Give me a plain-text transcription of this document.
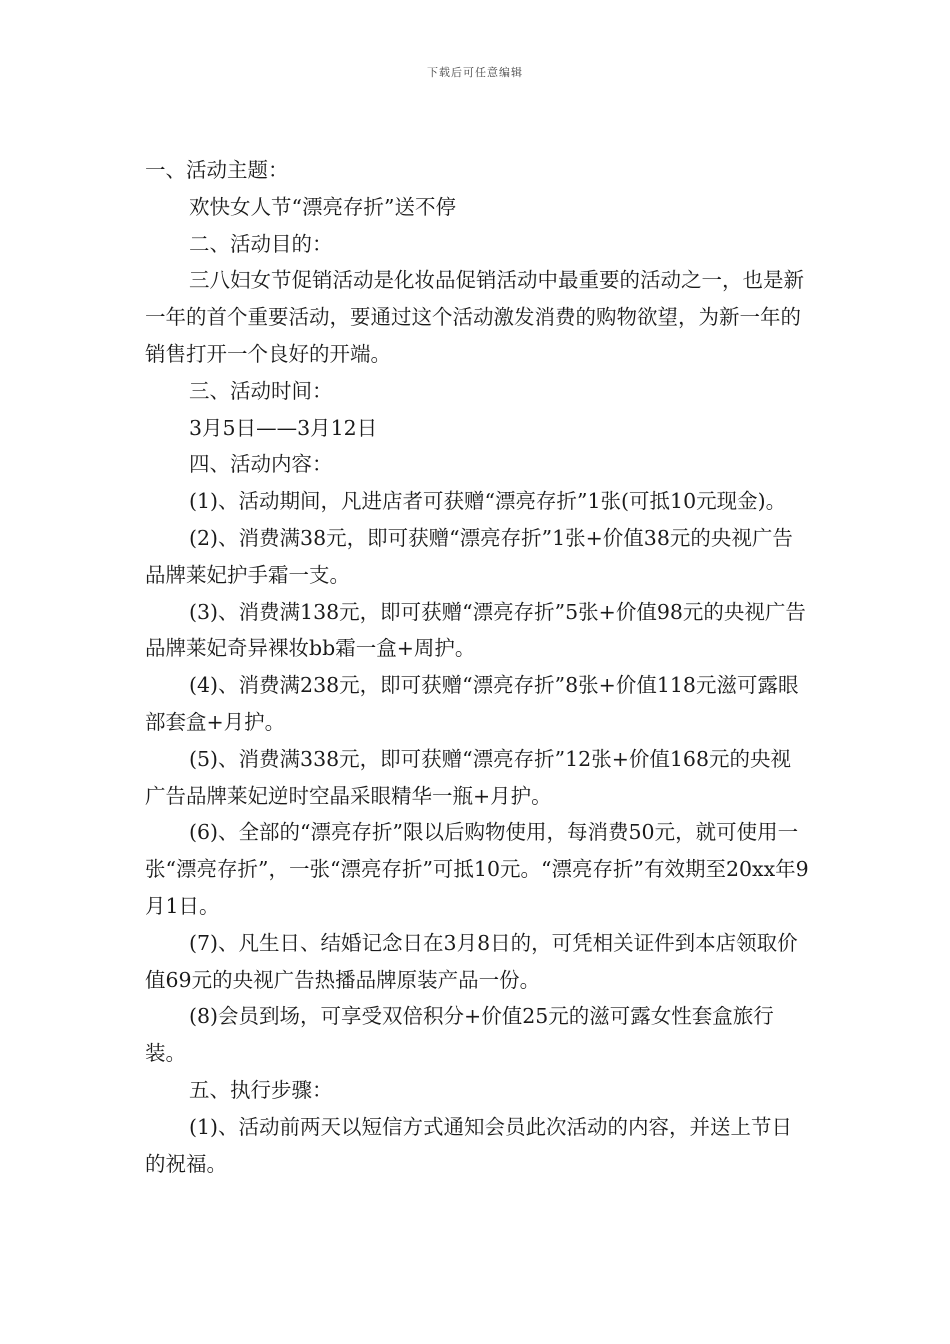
下载后可任意编辑

一、活动主题：

欢快女人节“漂亮存折”送不停

二、活动目的：

三八妇女节促销活动是化妆品促销活动中最重要的活动之一，也是新一年的首个重要活动，要通过这个活动激发消费的购物欲望，为新一年的销售打开一个良好的开端。

三、活动时间：

3月5日——3月12日

四、活动内容：

(1)、活动期间，凡进店者可获赠“漂亮存折”1张(可抵10元现金)。

(2)、消费满38元，即可获赠“漂亮存折”1张+价值38元的央视广告品牌莱妃护手霜一支。

(3)、消费满138元，即可获赠“漂亮存折”5张+价值98元的央视广告品牌莱妃奇异裸妆bb霜一盒+周护。

(4)、消费满238元，即可获赠“漂亮存折”8张+价值118元滋可露眼部套盒+月护。

(5)、消费满338元，即可获赠“漂亮存折”12张+价值168元的央视广告品牌莱妃逆时空晶采眼精华一瓶+月护。

(6)、全部的“漂亮存折”限以后购物使用，每消费50元，就可使用一张“漂亮存折”，一张“漂亮存折”可抵10元。“漂亮存折”有效期至20xx年9月1日。

(7)、凡生日、结婚记念日在3月8日的，可凭相关证件到本店领取价值69元的央视广告热播品牌原装产品一份。

(8)会员到场，可享受双倍积分+价值25元的滋可露女性套盒旅行装。

五、执行步骤：

(1)、活动前两天以短信方式通知会员此次活动的内容，并送上节日的祝福。
